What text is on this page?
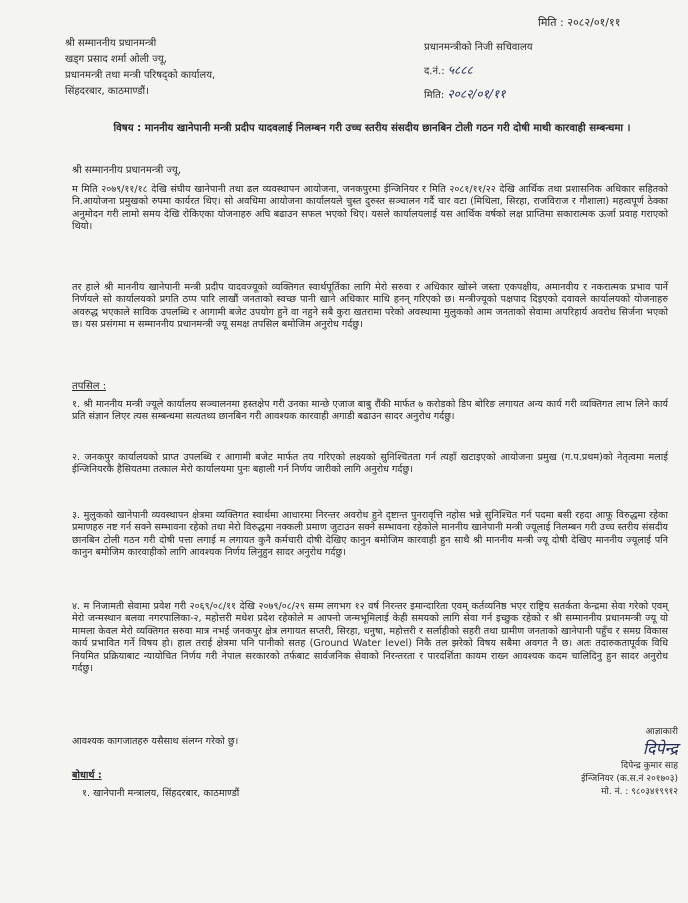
मिति : २०८२/०१/११
श्री सम्माननीय प्रधानमन्त्री
खड्ग प्रसाद शर्मा ओली ज्यू,
प्रधानमन्त्री तथा मन्त्री परिषद्‌को कार्यालय,
सिंहदरबार, काठमाण्डौं।
प्रधानमन्त्रीको निजी सचिवालय
द.नं.: ५८८८
मिति: २०८२/०१/११
विषय : माननीय खानेपानी मन्त्री प्रदीप यादवलाई निलम्बन गरी उच्च स्तरीय संसदीय छानबिन टोली गठन गरी दोषी माथी कारवाही सम्बन्धमा ।
श्री सम्माननीय प्रधानमन्त्री ज्यू,
म मिति २०७९/११/१८ देखि संघीय खानेपानी तथा ढल व्यवस्थापन आयोजना, जनकपुरमा ईन्जिनियर र मिति २०८१/११/२२ देखि आर्थिक तथा प्रशासनिक अधिकार सहितको नि.आयोजना प्रमुखको रुपमा कार्यरत थिए। सो अवधिमा आयोजना कार्यालयले चुस्त दुरुस्त सञ्चालन गर्दै चार वटा (मिथिला, सिरहा, राजविराज र गौशाला) महत्वपूर्ण ठेक्का अनुमोदन गरी लामो समय देखि रोकिएका योजनाहरु अघि बढाउन सफल भएको थिए। यसले कार्यालयलाई यस आर्थिक वर्षको लक्ष प्राप्तिमा सकारात्मक ऊर्जा प्रवाह गराएको थियो।
तर हाले श्री माननीय खानेपानी मन्त्री प्रदीप यादवज्यूको व्यक्तिगत स्वार्थपूर्तिका लागि मेरो सरुवा र अधिकार खोस्ने जस्ता एकपक्षीय, अमानवीय र नकरात्मक प्रभाव पार्ने निर्णयले सो कार्यालयको प्रगति ठप्प पारि लाखौं जनताको स्वच्छ पानी खाने अधिकार माथि हनन् गरिएको छ। मन्त्रीज्यूको पक्षपाद दिइएको दवावले कार्यालयको योजनाहरु अवरुद्ध भएकाले साविक उपलब्धि र आगामी बजेट उपयोग हुने वा नहुने सबै कुरा खतरामा परेको अवस्थामा मुलुकको आम जनताको सेवामा अपरिहार्य अवरोध सिर्जना भएको छ। यस प्रसंगमा म सम्माननीय प्रधानमन्त्री ज्यू समक्ष तपसिल बमोजिम अनुरोध गर्दछु।
तपसिल :
१. श्री माननीय मन्त्री ज्यूले कार्यालय सञ्चालनमा हस्तक्षेप गरी उनका मान्छे एजाज बाबु रौंकी मार्फत ७ करोडको डिप बोरिङ लगायत अन्य कार्य गरी व्यक्तिगत लाभ लिने कार्य प्रति संज्ञान लिएर त्यस सम्बन्धमा सत्यतथ्य छानबिन गरी आवश्यक कारवाही अगाडी बढाउन सादर अनुरोध गर्दछु।
२. जनकपुर कार्यालयको प्राप्त उपलब्धि र आगामी बजेट मार्फत तय गरिएको लक्ष्यको सुनिश्चितता गर्न त्यहाँ खटाइएको आयोजना प्रमुख (ग.प.प्रथम)को नेतृत्वमा मलाई ईन्जिनियरकै हैसियतमा तत्काल मेरो कार्यालयमा पुनः बहाली गर्न निर्णय जारीको लागि अनुरोध गर्दछु।
३. मुलुकको खानेपानी व्यवस्थापन क्षेत्रमा व्यक्तिगत स्वार्थमा आधारमा निरन्तर अवरोध हुने दृष्टान्त पुनरावृत्ति नहोस भन्ने सुनिश्चित गर्न पदमा बसी रहदा आफू विरुद्धमा रहेका प्रमाणहरु नष्ट गर्न सक्ने सम्भावना रहेको तथा मेरो विरुद्धमा नक्कली प्रमाण जुटाउन सक्ने सम्भावना रहेकोले माननीय खानेपानी मन्त्री ज्यूलाई निलम्बन गरी उच्च स्तरीय संसदीय छानबिन टोली गठन गरी दोषी पत्ता लगाई म लगायत कुनै कर्मचारी दोषी देखिए कानुन बमोजिम कारवाही हुन साथै श्री माननीय मन्त्री ज्यू दोषी देखिए माननीय ज्यूलाई पनि कानुन बमोजिम कारवाहीको लागि आवश्यक निर्णय लिनुहुन सादर अनुरोध गर्दछु।
४. म निजामती सेवामा प्रवेश गरी २०६९/०८/११ देखि २०७९/०८/२९ सम्म लगभग १२ वर्ष निरन्तर इमान्दारिता एवम् कर्तव्यनिष्ठ भएर राष्ट्रिय सतर्कता केन्द्रमा सेवा गरेको एवम् मेरो जन्मस्थान बलवा नगरपालिका-२, महोत्तरी मधेश प्रदेश रहेकोले म आफ्नो जन्मभूमिलाई केही समयको लागि सेवा गर्न इच्छुक रहेको र श्री सम्माननीय प्रधानमन्त्री ज्यू यो मामला केवल मेरो व्यक्तिगत सरुवा मात्र नभई जनकपुर क्षेत्र लगायत सप्तरी, सिरहा, धनुषा, महोत्तरी र सर्लाहीको सहरी तथा ग्रामीण जनताको खानेपानी पहुँच र समग्र विकास कार्य प्रभावित गर्ने विषय हो। हाल तराई क्षेत्रमा पनि पानीको सतह (Ground Water level) निकै तल झरेको विषय सबैमा अवगत नै छ। अतः तदारुकतापूर्वक विधि नियमित प्रक्रियाबाट न्यायोचित निर्णय गरी नेपाल सरकारको तर्फबाट सार्वजनिक सेवाको निरन्तरता र पारदर्शिता कायम राख्न आवश्यक कदम चालिदिनु हुन सादर अनुरोध गर्दछु।
आवश्यक कागजातहरु यसैसाथ संलग्न गरेको छु।
आज्ञाकारी
दिपेन्द्र
दिपेन्द्र कुमार साह
ईन्जिनियर (क.स.नं २०१७०३)
मो. नं. : ९८०३४१९९१२
बोधार्थ :
१. खानेपानी मन्त्रालय, सिंहदरबार, काठमाण्डौं
